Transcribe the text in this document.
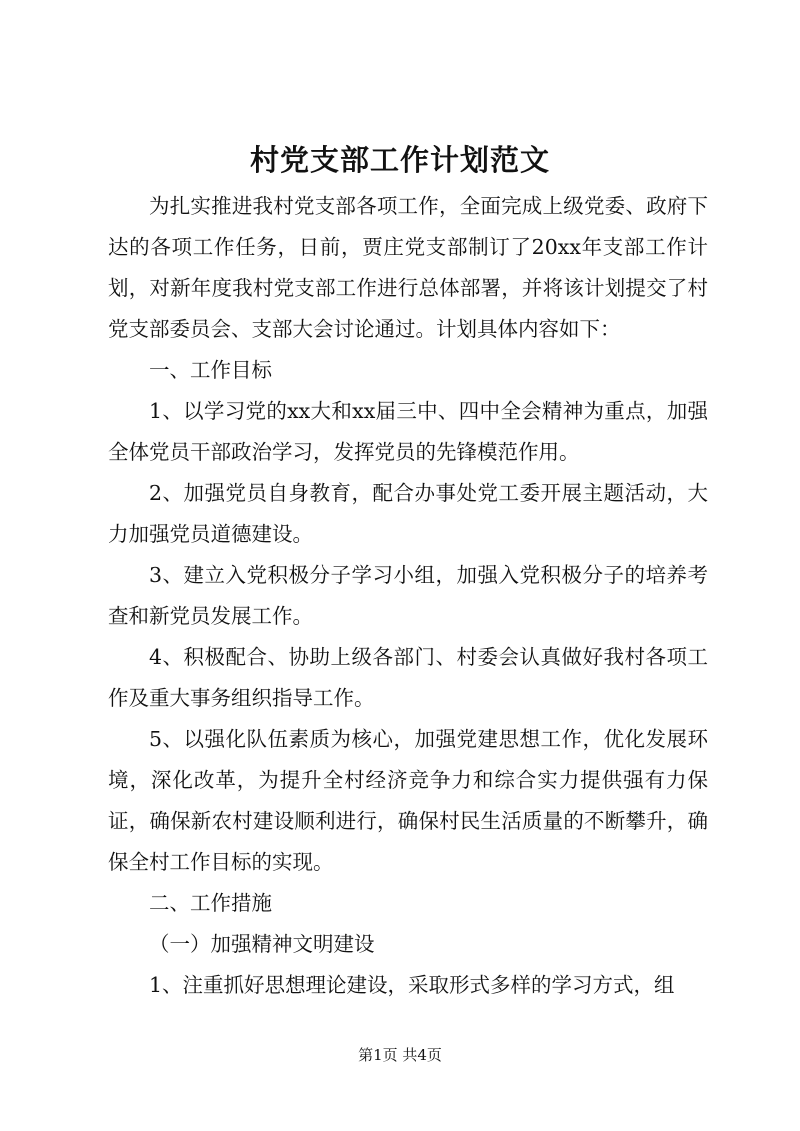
村党支部工作计划范文

为扎实推进我村党支部各项工作，全面完成上级党委、政府下达的各项工作任务，日前，贾庄党支部制订了20xx年支部工作计划，对新年度我村党支部工作进行总体部署，并将该计划提交了村党支部委员会、支部大会讨论通过。计划具体内容如下：

一、工作目标

1、以学习党的xx大和xx届三中、四中全会精神为重点，加强全体党员干部政治学习，发挥党员的先锋模范作用。

2、加强党员自身教育，配合办事处党工委开展主题活动，大力加强党员道德建设。

3、建立入党积极分子学习小组，加强入党积极分子的培养考查和新党员发展工作。

4、积极配合、协助上级各部门、村委会认真做好我村各项工作及重大事务组织指导工作。

5、以强化队伍素质为核心，加强党建思想工作，优化发展环境，深化改革，为提升全村经济竞争力和综合实力提供强有力保证，确保新农村建设顺利进行，确保村民生活质量的不断攀升，确保全村工作目标的实现。

二、工作措施

（一）加强精神文明建设

1、注重抓好思想理论建设，采取形式多样的学习方式，组

第1页 共4页
